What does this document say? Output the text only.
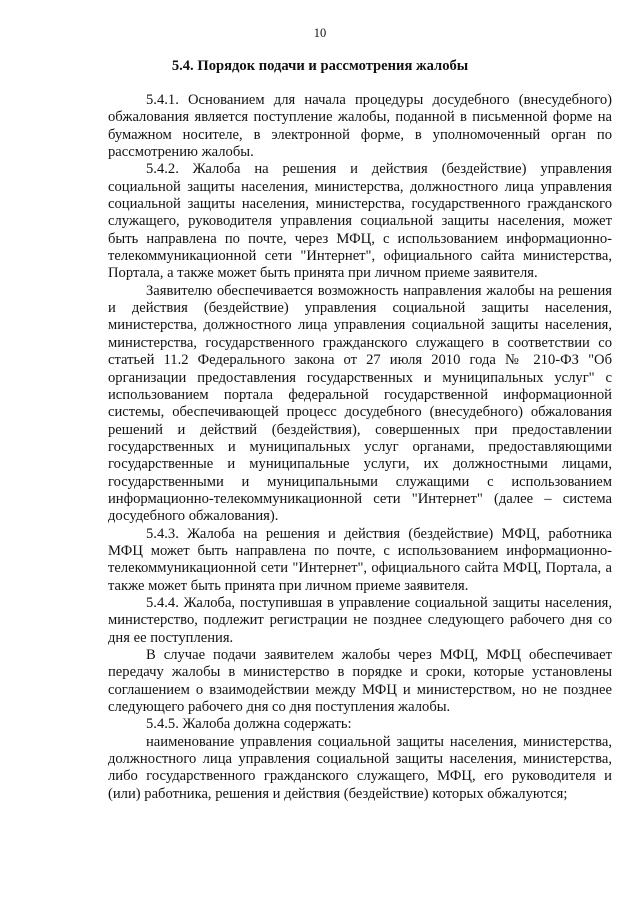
10
5.4. Порядок подачи и рассмотрения жалобы
5.4.1. Основанием для начала процедуры досудебного (внесудебного)
обжалования является поступление жалобы, поданной в письменной форме на
бумажном носителе, в электронной форме, в уполномоченный орган по
рассмотрению жалобы.
5.4.2. Жалоба на решения и действия (бездействие) управления
социальной защиты населения, министерства, должностного лица управления
социальной защиты населения, министерства, государственного гражданского
служащего, руководителя управления социальной защиты населения, может
быть направлена по почте, через МФЦ, с использованием информационно-
телекоммуникационной сети "Интернет", официального сайта министерства,
Портала, а также может быть принята при личном приеме заявителя.
Заявителю обеспечивается возможность направления жалобы на решения
и действия (бездействие) управления социальной защиты населения,
министерства, должностного лица управления социальной защиты населения,
министерства, государственного гражданского служащего в соответствии со
статьей 11.2 Федерального закона от 27 июля 2010 года № 210-ФЗ "Об
организации предоставления государственных и муниципальных услуг" с
использованием портала федеральной государственной информационной
системы, обеспечивающей процесс досудебного (внесудебного) обжалования
решений и действий (бездействия), совершенных при предоставлении
государственных и муниципальных услуг органами, предоставляющими
государственные и муниципальные услуги, их должностными лицами,
государственными и муниципальными служащими с использованием
информационно-телекоммуникационной сети "Интернет" (далее – система
досудебного обжалования).
5.4.3. Жалоба на решения и действия (бездействие) МФЦ, работника
МФЦ может быть направлена по почте, с использованием информационно-
телекоммуникационной сети "Интернет", официального сайта МФЦ, Портала, а
также может быть принята при личном приеме заявителя.
5.4.4. Жалоба, поступившая в управление социальной защиты населения,
министерство, подлежит регистрации не позднее следующего рабочего дня со
дня ее поступления.
В случае подачи заявителем жалобы через МФЦ, МФЦ обеспечивает
передачу жалобы в министерство в порядке и сроки, которые установлены
соглашением о взаимодействии между МФЦ и министерством, но не позднее
следующего рабочего дня со дня поступления жалобы.
5.4.5. Жалоба должна содержать:
наименование управления социальной защиты населения, министерства,
должностного лица управления социальной защиты населения, министерства,
либо государственного гражданского служащего, МФЦ, его руководителя и
(или) работника, решения и действия (бездействие) которых обжалуются;
